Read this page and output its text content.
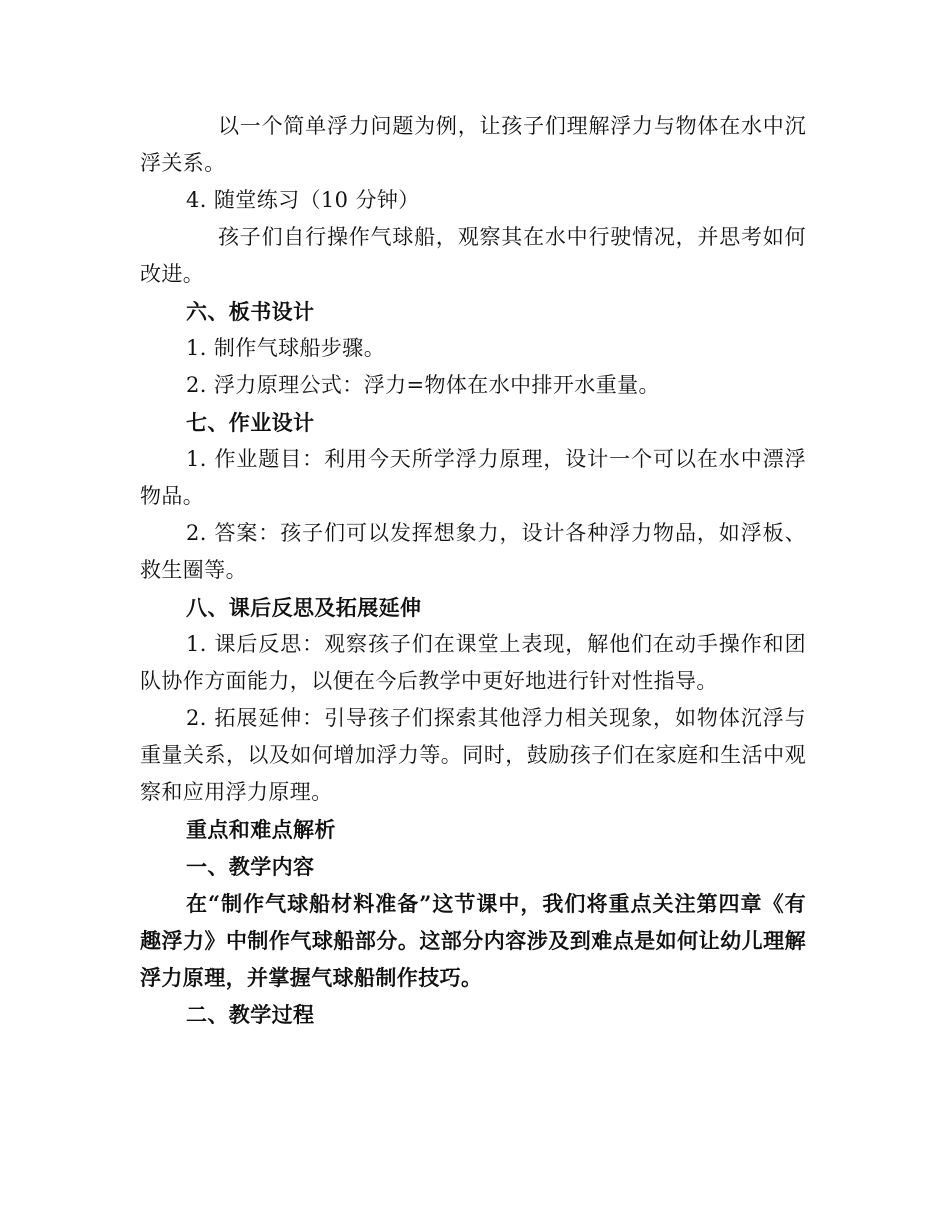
以一个简单浮力问题为例，让孩子们理解浮力与物体在水中沉浮关系。

4. 随堂练习（10 分钟）

孩子们自行操作气球船，观察其在水中行驶情况，并思考如何改进。

六、板书设计

1. 制作气球船步骤。

2. 浮力原理公式：浮力=物体在水中排开水重量。

七、作业设计

1. 作业题目：利用今天所学浮力原理，设计一个可以在水中漂浮物品。

2. 答案：孩子们可以发挥想象力，设计各种浮力物品，如浮板、救生圈等。

八、课后反思及拓展延伸

1. 课后反思：观察孩子们在课堂上表现，解他们在动手操作和团队协作方面能力，以便在今后教学中更好地进行针对性指导。

2. 拓展延伸：引导孩子们探索其他浮力相关现象，如物体沉浮与重量关系，以及如何增加浮力等。同时，鼓励孩子们在家庭和生活中观察和应用浮力原理。

重点和难点解析

一、教学内容

在“制作气球船材料准备”这节课中，我们将重点关注第四章《有趣浮力》中制作气球船部分。这部分内容涉及到难点是如何让幼儿理解浮力原理，并掌握气球船制作技巧。

二、教学过程
